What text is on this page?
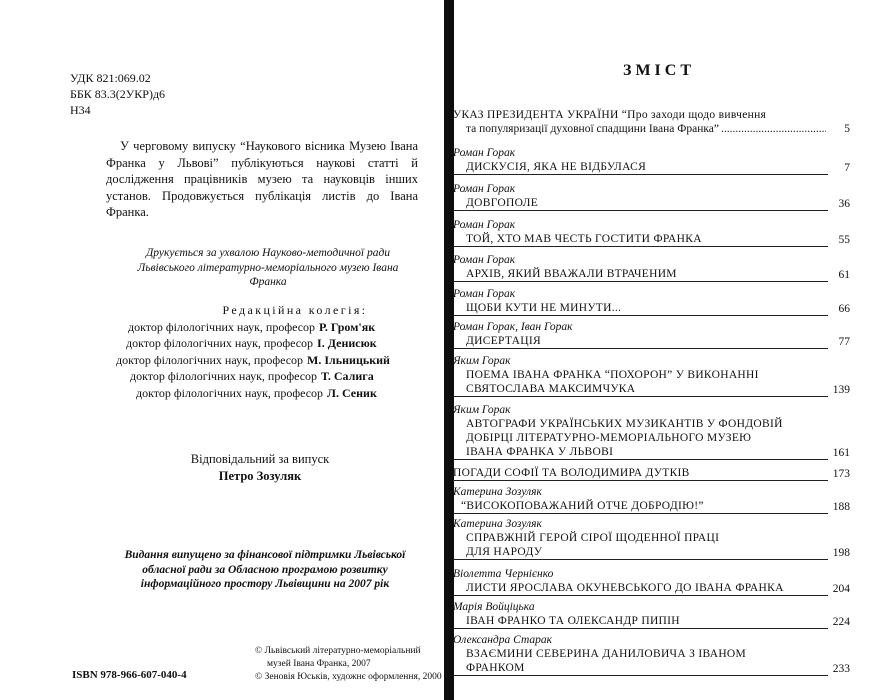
УДК 821:069.02
ББК 83.3(2УКР)д6
Н34
У черговому випуску “Наукового вісника Музею Івана Франка у Львові” публікуються наукові статті й дослідження працівників музею та науковців інших установ. Продовжується публікація листів до Івана Франка.
Друкується за ухвалою Науково-методичної ради Львівського літературно-меморіального музею Івана Франка
Редакційна колегія:
доктор філологічних наук, професор Р. Гром'як
доктор філологічних наук, професор І. Денисюк
доктор філологічних наук, професор М. Ільницький
доктор філологічних наук, професор Т. Салига
доктор філологічних наук, професор Л. Сеник
Відповідальний за випуск
Петро Зозуляк
Видання випущено за фінансової підтримки Львівської обласної ради за Обласною програмою розвитку інформаційного простору Львівщини на 2007 рік
ISBN 978-966-607-040-4
© Львівський літературно-меморіальний
музей Івана Франка, 2007
© Зеновія Юськів, художнє оформлення, 2000
ЗМІСТ
УКАЗ ПРЕЗИДЕНТА УКРАЇНИ “Про заходи щодо вивчення
та популяризації духовної спадщини Івана Франка” .....	5
Роман Горак
ДИСКУСІЯ, ЯКА НЕ ВІДБУЛАСЯ	7
Роман Горак
ДОВГОПОЛЕ	36
Роман Горак
ТОЙ, ХТО МАВ ЧЕСТЬ ГОСТИТИ ФРАНКА	55
Роман Горак
АРХІВ, ЯКИЙ ВВАЖАЛИ ВТРАЧЕНИМ	61
Роман Горак
ЩОБИ КУТИ НЕ МИНУТИ...	66
Роман Горак, Іван Горак
ДИСЕРТАЦІЯ	77
Яким Горак
ПОЕМА ІВАНА ФРАНКА “ПОХОРОН” У ВИКОНАННІ
СВЯТОСЛАВА МАКСИМЧУКА	139
Яким Горак
АВТОГРАФИ УКРАЇНСЬКИХ МУЗИКАНТІВ У ФОНДОВІЙ
ДОБІРЦІ ЛІТЕРАТУРНО-МЕМОРІАЛЬНОГО МУЗЕЮ
ІВАНА ФРАНКА У ЛЬВОВІ	161
ПОГАДИ СОФІЇ ТА ВОЛОДИМИРА ДУТКІВ	173
Катерина Зозуляк
“ВИСОКОПОВАЖАНИЙ ОТЧЕ ДОБРОДІЮ!”	188
Катерина Зозуляк
СПРАВЖНІЙ ГЕРОЙ СІРОЇ ЩОДЕННОЇ ПРАЦІ
ДЛЯ НАРОДУ	198
Віолетта Чернієнко
ЛИСТИ ЯРОСЛАВА ОКУНЕВСЬКОГО ДО ІВАНА ФРАНКА	204
Марія Войціцька
ІВАН ФРАНКО ТА ОЛЕКСАНДР ПИПІН	224
Олександра Старак
ВЗАЄМИНИ СЕВЕРИНА ДАНИЛОВИЧА З ІВАНОМ
ФРАНКОМ	233
